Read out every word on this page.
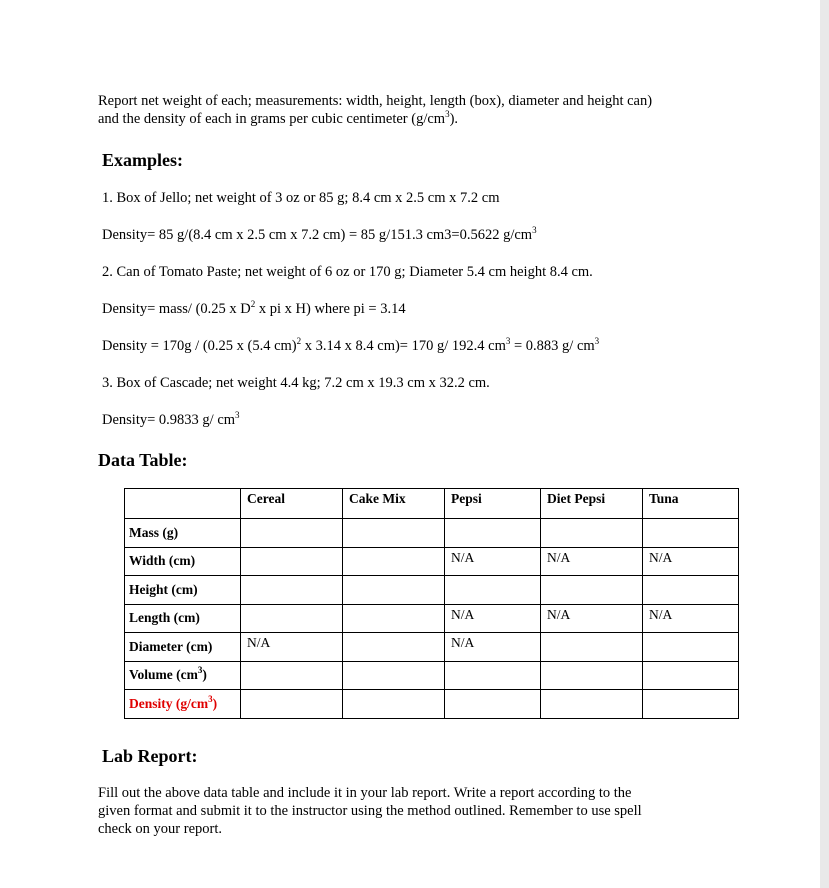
Report net weight of each; measurements: width, height, length (box), diameter and height can)
and the density of each in grams per cubic centimeter $(g/cm^3)$.
Examples:
1. Box of Jello; net weight of 3 oz or 85 g; 8.4 cm x 2.5 cm x 7.2 cm
Density= 85 g/(8.4 cm x 2.5 cm x 7.2 cm) = 85 g/151.3 cm3=0.5622 $g/cm^3$
2. Can of Tomato Paste; net weight of 6 oz or 170 g; Diameter 5.4 cm height 8.4 cm.
Density= mass/ (0.25 x $D^2$ x pi x H) where pi = 3.14
Density = 170g / (0.25 x (5.4 cm)$^2$ x 3.14 x 8.4 cm)= 170 g/ 192.4 $cm^3 = 0.883$ g/ $cm^3$
3. Box of Cascade; net weight 4.4 kg; 7.2 cm x 19.3 cm x 32.2 cm.
Density= 0.9833 g/ $cm^3$
Data Table:
	Cereal	Cake Mix	Pepsi	Diet Pepsi	Tuna
Mass (g)					
Width (cm)			N/A	N/A	N/A
Height (cm)					
Length (cm)			N/A	N/A	N/A
Diameter (cm)	N/A		N/A		
Volume $(cm^3)$					
Density $(g/cm^3)$					
Lab Report:
Fill out the above data table and include it in your lab report. Write a report according to the
given format and submit it to the instructor using the method outlined. Remember to use spell
check on your report.
